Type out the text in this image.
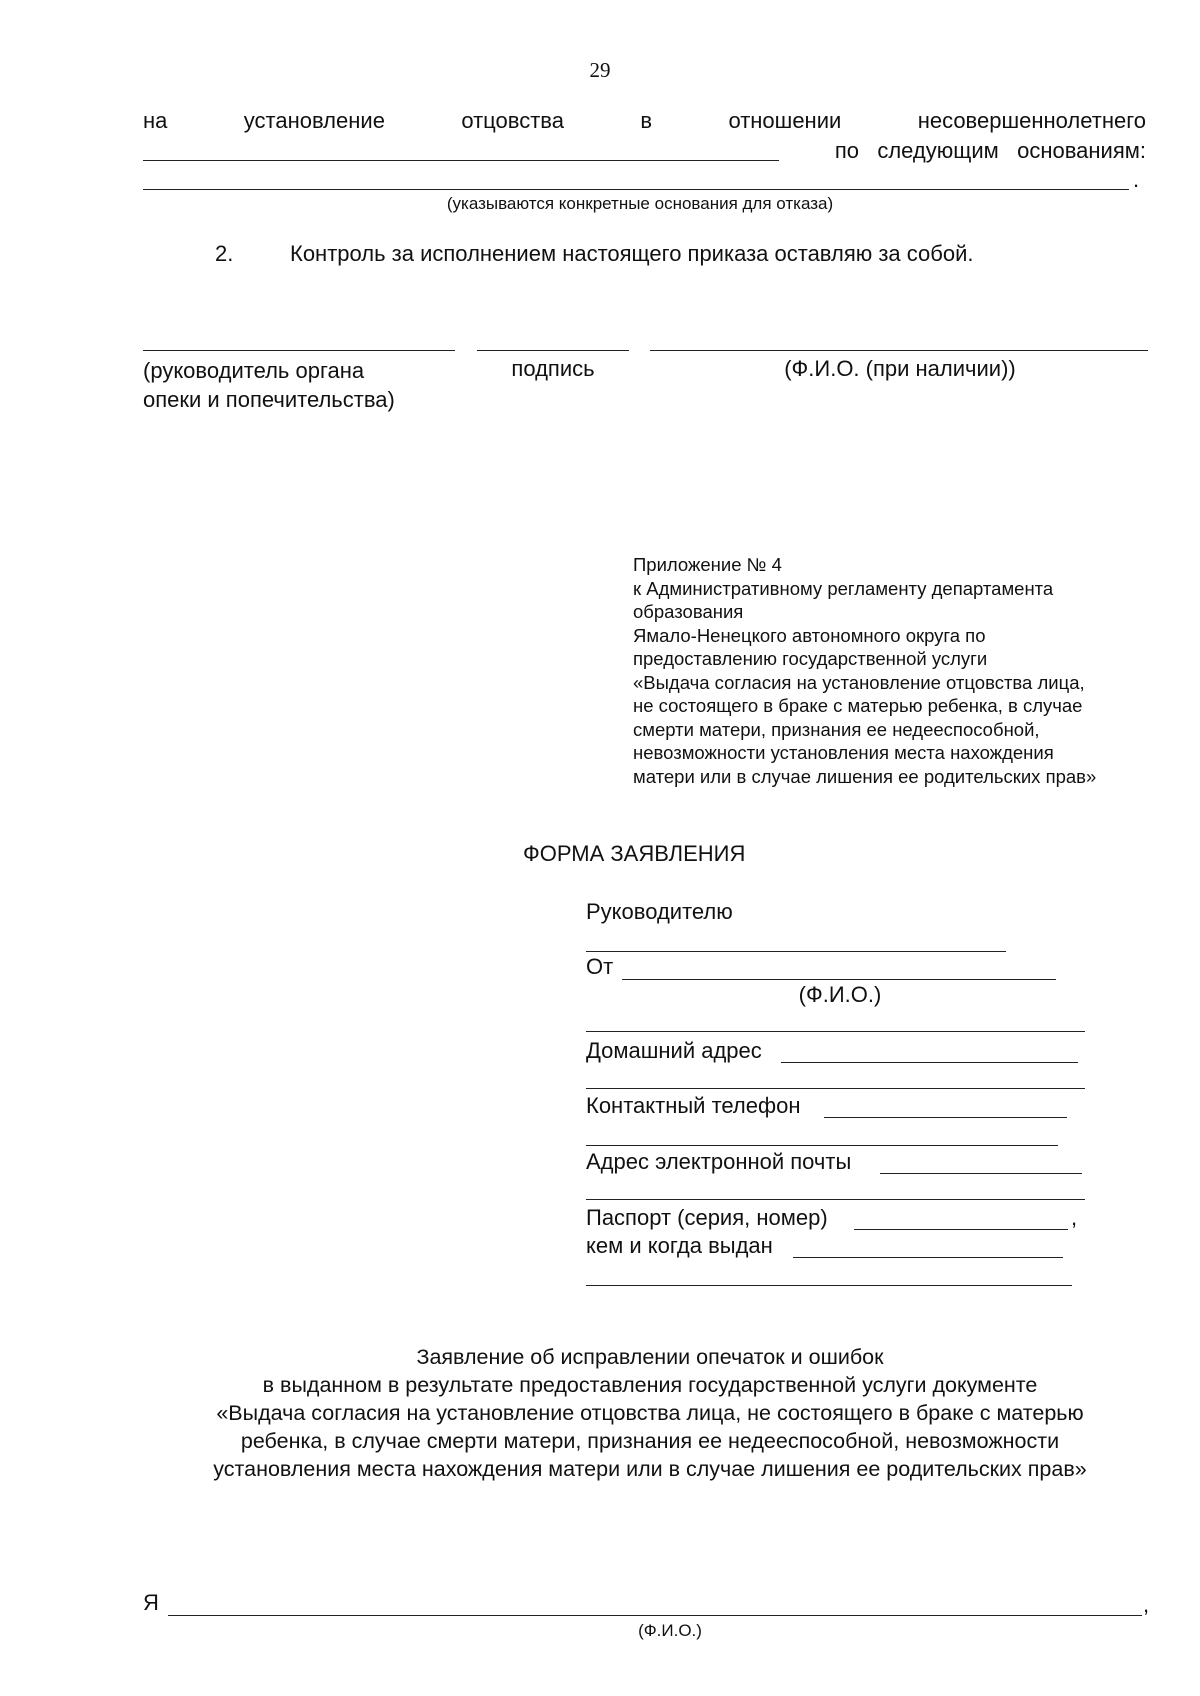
29
на	установление	отцовства	в	отношении	несовершеннолетнего
по   следующим   основаниям:
.
(указываются конкретные основания для отказа)
2.	Контроль за исполнением настоящего приказа оставляю за собой.
(руководитель органа
опеки и попечительства)
подпись	(Ф.И.О. (при наличии))
Приложение № 4
к Административному регламенту департамента
образования
Ямало-Ненецкого автономного округа по
предоставлению государственной услуги
«Выдача согласия на установление отцовства лица,
не состоящего в браке с матерью ребенка, в случае
смерти матери, признания ее недееспособной,
невозможности установления места нахождения
матери или в случае лишения ее родительских прав»
ФОРМА ЗАЯВЛЕНИЯ
Руководителю
От
(Ф.И.О.)
Домашний адрес
Контактный телефон
Адрес электронной почты
Паспорт (серия, номер)	,
кем и когда выдан
Заявление об исправлении опечаток и ошибок
в выданном в результате предоставления государственной услуги документе
«Выдача согласия на установление отцовства лица, не состоящего в браке с матерью
ребенка, в случае смерти матери, признания ее недееспособной, невозможности
установления места нахождения матери или в случае лишения ее родительских прав»
Я	,
(Ф.И.О.)
